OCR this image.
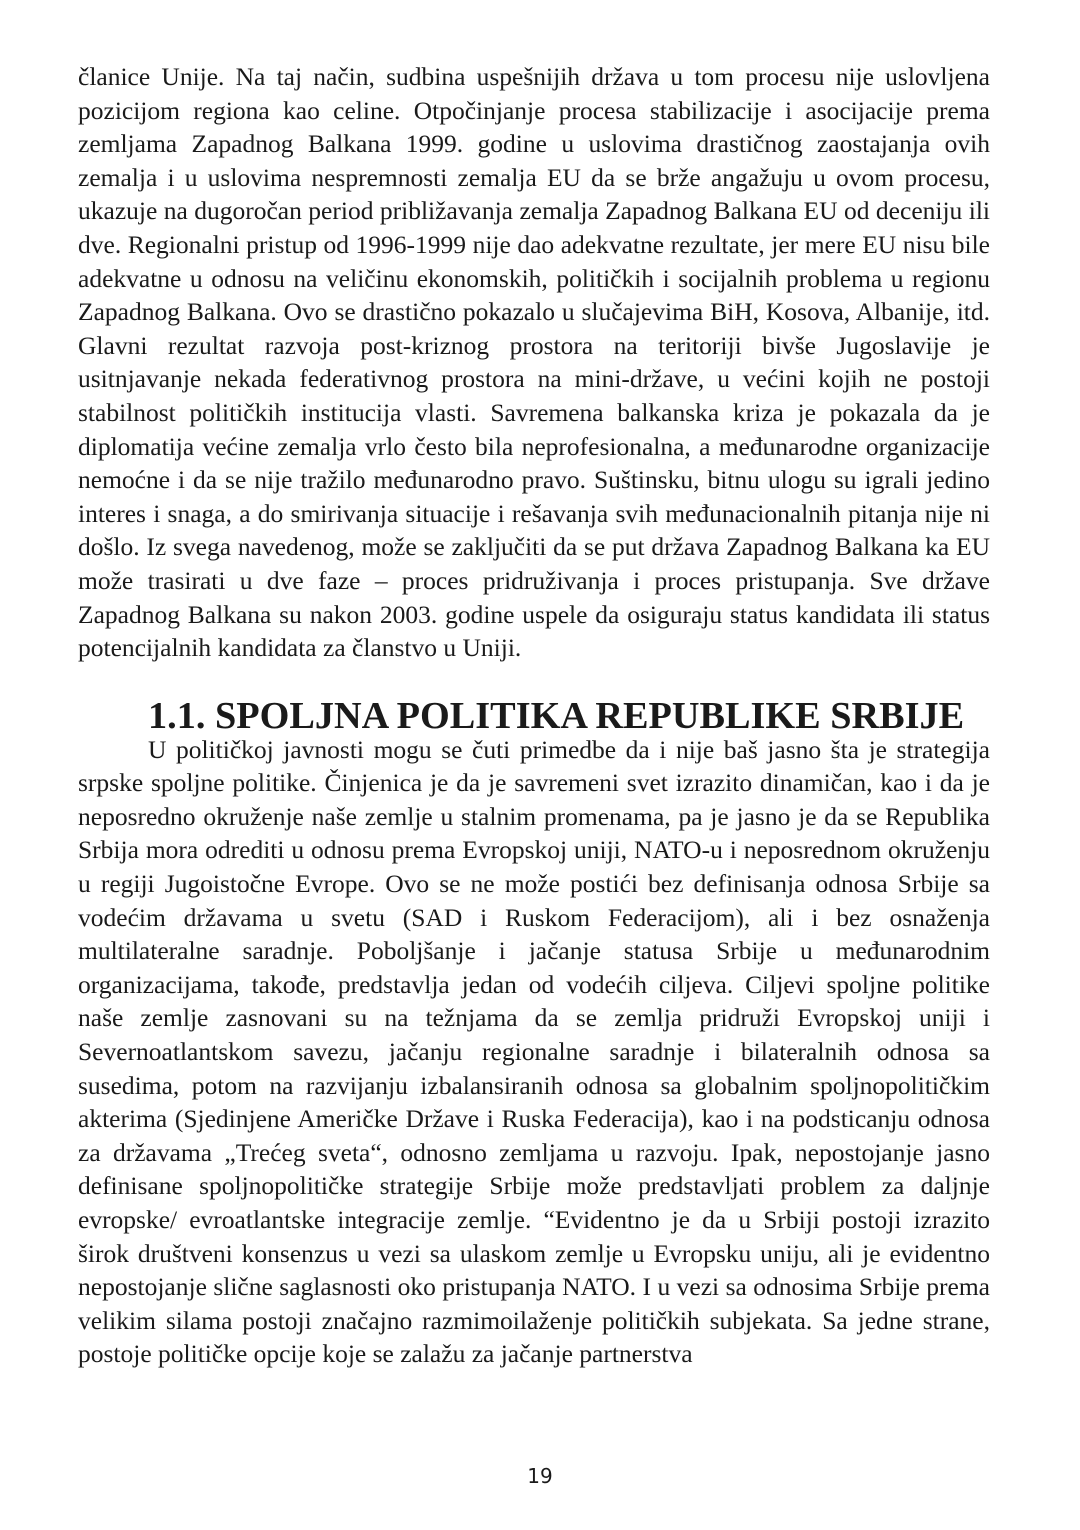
članice Unije. Na taj način, sudbina uspešnijih država u tom procesu nije uslovljena pozicijom regiona kao celine. Otpočinjanje procesa stabilizacije i asocijacije prema zemljama Zapadnog Balkana 1999. godine u uslovima drastičnog zaostajanja ovih zemalja i u uslovima nespremnosti zemalja EU da se brže angažuju u ovom procesu, ukazuje na dugoročan period približavanja zemalja Zapadnog Balkana EU od deceniju ili dve. Regionalni pristup od 1996-1999 nije dao adekvatne rezultate, jer mere EU nisu bile adekvatne u odnosu na veličinu ekonomskih, političkih i socijalnih problema u regionu Zapadnog Balkana. Ovo se drastično pokazalo u slučajevima BiH, Kosova, Albanije, itd. Glavni rezultat razvoja post-kriznog prostora na teritoriji bivše Jugoslavije je usitnjavanje nekada federativnog prostora na mini-države, u većini kojih ne postoji stabilnost političkih institucija vlasti. Savremena balkanska kriza je pokazala da je diplomatija većine zemalja vrlo često bila neprofesionalna, a međunarodne organizacije nemoćne i da se nije tražilo međunarodno pravo. Suštinsku, bitnu ulogu su igrali jedino interes i snaga, a do smirivanja situacije i rešavanja svih međunacionalnih pitanja nije ni došlo. Iz svega navedenog, može se zaključiti da se put država Zapadnog Balkana ka EU može trasirati u dve faze – proces pridruživanja i proces pristupanja. Sve države Zapadnog Balkana su nakon 2003. godine uspele da osiguraju status kandidata ili status potencijalnih kandidata za članstvo u Uniji.

1.1. SPOLJNA POLITIKA REPUBLIKE SRBIJE

U političkoj javnosti mogu se čuti primedbe da i nije baš jasno šta je strategija srpske spoljne politike. Činjenica je da je savremeni svet izrazito dinamičan, kao i da je neposredno okruženje naše zemlje u stalnim promenama, pa je jasno je da se Republika Srbija mora odrediti u odnosu prema Evropskoj uniji, NATO-u i neposrednom okruženju u regiji Jugoistočne Evrope. Ovo se ne može postići bez definisanja odnosa Srbije sa vodećim državama u svetu (SAD i Ruskom Federacijom), ali i bez osnaženja multilateralne saradnje. Poboljšanje i jačanje statusa Srbije u međunarodnim organizacijama, takođe, predstavlja jedan od vodećih ciljeva. Ciljevi spoljne politike naše zemlje zasnovani su na težnjama da se zemlja pridruži Evropskoj uniji i Severnoatlantskom savezu, jačanju regionalne saradnje i bilateralnih odnosa sa susedima, potom na razvijanju izbalansiranih odnosa sa globalnim spoljnopolitičkim akterima (Sjedinjene Američke Države i Ruska Federacija), kao i na podsticanju odnosa za državama „Trećeg sveta“, odnosno zemljama u razvoju. Ipak, nepostojanje jasno definisane spoljnopolitičke strategije Srbije može predstavljati problem za daljnje evropske/ evroatlantske integracije zemlje. “Evidentno je da u Srbiji postoji izrazito širok društveni konsenzus u vezi sa ulaskom zemlje u Evropsku uniju, ali je evidentno nepostojanje slične saglasnosti oko pristupanja NATO. I u vezi sa odnosima Srbije prema velikim silama postoji značajno razmimoilaženje političkih subjekata. Sa jedne strane, postoje političke opcije koje se zalažu za jačanje partnerstva

19
